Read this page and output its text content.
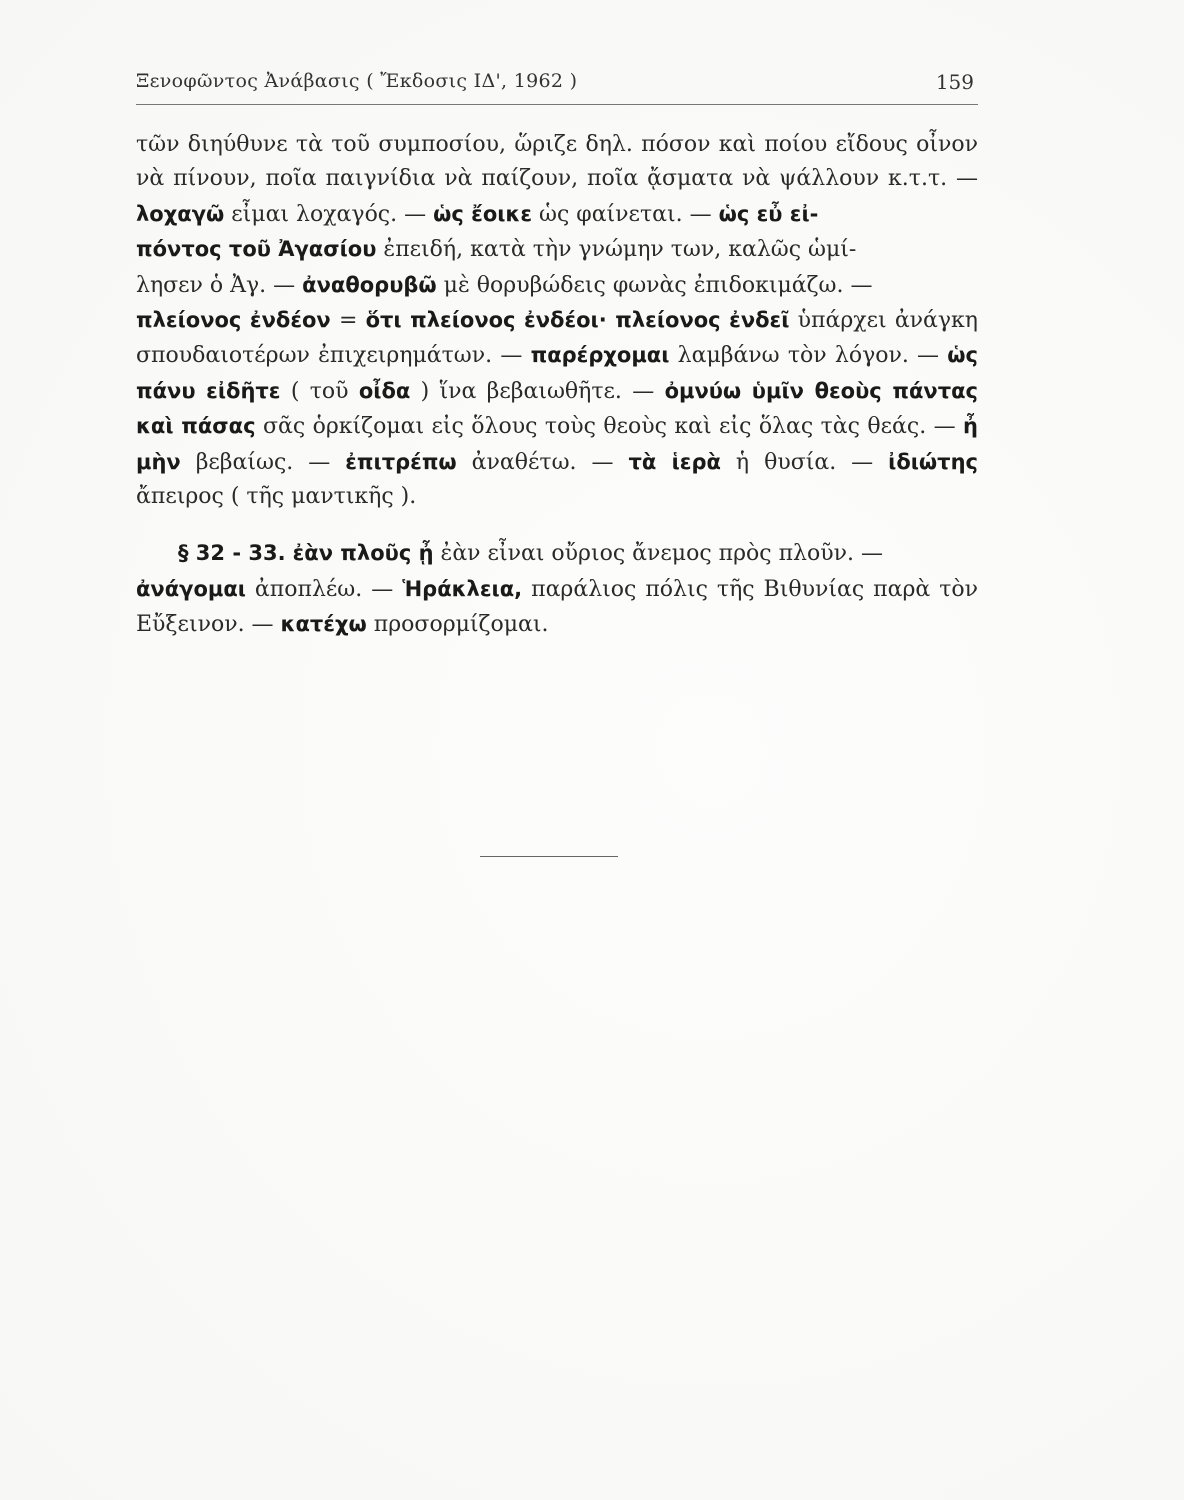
Ξενοφῶντος Ἀνάβασις ( Ἔκδοσις ΙΔ', 1962 )	159

τῶν διηύθυνε τὰ τοῦ συμποσίου, ὥριζε δηλ. πόσον καὶ ποίου εἴδους οἶνον νὰ πίνουν, ποῖα παιγνίδια νὰ παίζουν, ποῖα ᾄσματα νὰ ψάλλουν κ.τ.τ. — λοχαγῶ εἶμαι λοχαγός. — ὡς ἔοικε ὡς φαίνεται. — ὡς εὖ εἰ-
πόντος τοῦ Ἀγασίου ἐπειδή, κατὰ τὴν γνώμην των, καλῶς ὡμί-
λησεν ὁ Ἀγ. — ἀναθορυβῶ μὲ θορυβώδεις φωνὰς ἐπιδοκιμάζω. —
πλείονος ἐνδέον = ὅτι πλείονος ἐνδέοι· πλείονος ἐνδεῖ ὑπάρχει ἀνάγκη σπουδαιοτέρων ἐπιχειρημάτων. — παρέρχομαι λαμβάνω τὸν λόγον. — ὡς πάνυ εἰδῆτε ( τοῦ οἶδα ) ἵνα βεβαιωθῆτε. — ὀμνύω ὑμῖν θεοὺς πάντας καὶ πάσας σᾶς ὁρκίζομαι εἰς ὅλους τοὺς θεοὺς καὶ εἰς ὅλας τὰς θεάς. — ἦ μὴν βεβαίως. — ἐπιτρέπω ἀναθέτω. — τὰ ἱερὰ ἡ θυσία. — ἰδιώτης ἄπειρος ( τῆς μαντικῆς ).

§ 32 - 33. ἐὰν πλοῦς ᾖ ἐὰν εἶναι οὔριος ἄνεμος πρὸς πλοῦν. —
ἀνάγομαι ἀποπλέω. — Ἡράκλεια, παράλιος πόλις τῆς Βιθυνίας παρὰ τὸν Εὔξεινον. — κατέχω προσορμίζομαι.
